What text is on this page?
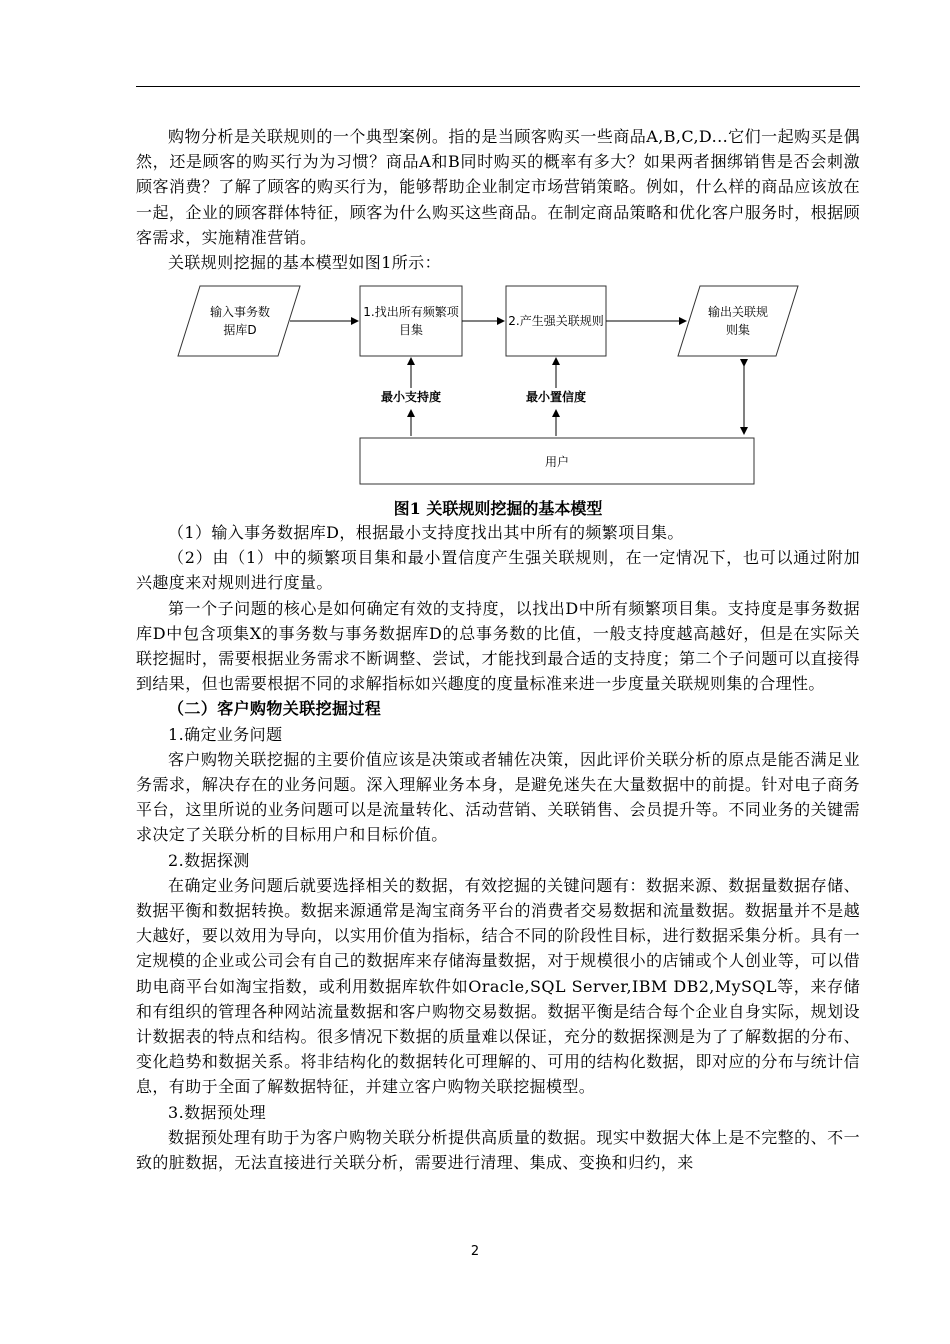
购物分析是关联规则的一个典型案例。指的是当顾客购买一些商品A,B,C,D...它们一起购买是偶然，还是顾客的购买行为为习惯？商品A和B同时购买的概率有多大？如果两者捆绑销售是否会刺激顾客消费？了解了顾客的购买行为，能够帮助企业制定市场营销策略。例如，什么样的商品应该放在一起，企业的顾客群体特征，顾客为什么购买这些商品。在制定商品策略和优化客户服务时，根据顾客需求，实施精准营销。

关联规则挖掘的基本模型如图1所示：

输入事务数
据库D
1.找出所有频繁项
目集
2.产生强关联规则
输出关联规
则集
最小支持度	最小置信度
用户
图1 关联规则挖掘的基本模型

（1）输入事务数据库D，根据最小支持度找出其中所有的频繁项目集。

（2）由（1）中的频繁项目集和最小置信度产生强关联规则，在一定情况下，也可以通过附加兴趣度来对规则进行度量。

第一个子问题的核心是如何确定有效的支持度，以找出D中所有频繁项目集。支持度是事务数据库D中包含项集X的事务数与事务数据库D的总事务数的比值，一般支持度越高越好，但是在实际关联挖掘时，需要根据业务需求不断调整、尝试，才能找到最合适的支持度；第二个子问题可以直接得到结果，但也需要根据不同的求解指标如兴趣度的度量标准来进一步度量关联规则集的合理性。

（二）客户购物关联挖掘过程

1.确定业务问题

客户购物关联挖掘的主要价值应该是决策或者辅佐决策，因此评价关联分析的原点是能否满足业务需求，解决存在的业务问题。深入理解业务本身，是避免迷失在大量数据中的前提。针对电子商务平台，这里所说的业务问题可以是流量转化、活动营销、关联销售、会员提升等。不同业务的关键需求决定了关联分析的目标用户和目标价值。

2.数据探测

在确定业务问题后就要选择相关的数据，有效挖掘的关键问题有：数据来源、数据量数据存储、数据平衡和数据转换。数据来源通常是淘宝商务平台的消费者交易数据和流量数据。数据量并不是越大越好，要以效用为导向，以实用价值为指标，结合不同的阶段性目标，进行数据采集分析。具有一定规模的企业或公司会有自己的数据库来存储海量数据，对于规模很小的店铺或个人创业等，可以借助电商平台如淘宝指数，或利用数据库软件如Oracle,SQL Server,IBM DB2,MySQL等，来存储和有组织的管理各种网站流量数据和客户购物交易数据。数据平衡是结合每个企业自身实际，规划设计数据表的特点和结构。很多情况下数据的质量难以保证，充分的数据探测是为了了解数据的分布、变化趋势和数据关系。将非结构化的数据转化可理解的、可用的结构化数据，即对应的分布与统计信息，有助于全面了解数据特征，并建立客户购物关联挖掘模型。

3.数据预处理

数据预处理有助于为客户购物关联分析提供高质量的数据。现实中数据大体上是不完整的、不一致的脏数据，无法直接进行关联分析，需要进行清理、集成、变换和归约，来

2
